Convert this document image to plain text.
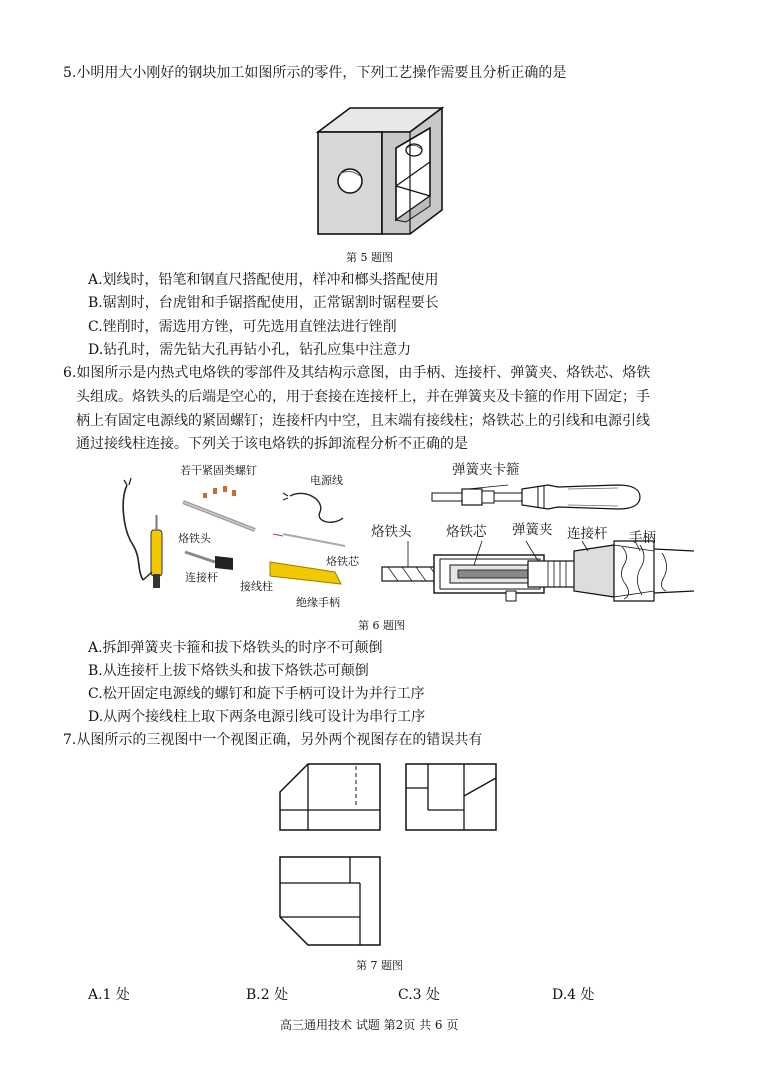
5.小明用大小刚好的钢块加工如图所示的零件，下列工艺操作需要且分析正确的是
第 5 题图
A.划线时，铅笔和钢直尺搭配使用，样冲和榔头搭配使用
B.锯割时，台虎钳和手锯搭配使用，正常锯割时锯程要长
C.锉削时，需选用方锉，可先选用直锉法进行锉削
D.钻孔时，需先钻大孔再钻小孔，钻孔应集中注意力
6.如图所示是内热式电烙铁的零部件及其结构示意图，由手柄、连接杆、弹簧夹、烙铁芯、烙铁
头组成。烙铁头的后端是空心的，用于套接在连接杆上，并在弹簧夹及卡箍的作用下固定；手
柄上有固定电源线的紧固螺钉；连接杆内中空，且末端有接线柱；烙铁芯上的引线和电源引线
通过接线柱连接。下列关于该电烙铁的拆卸流程分析不正确的是
若干紧固类螺钉
电源线
烙铁头
烙铁芯
连接杆
接线柱
绝缘手柄
弹簧夹卡箍
烙铁头	烙铁芯 弹簧夹 连接杆 手柄
第 6 题图
A.拆卸弹簧夹卡箍和拔下烙铁头的时序不可颠倒
B.从连接杆上拔下烙铁头和拔下烙铁芯可颠倒
C.松开固定电源线的螺钉和旋下手柄可设计为并行工序
D.从两个接线柱上取下两条电源引线可设计为串行工序
7.从图所示的三视图中一个视图正确，另外两个视图存在的错误共有
第 7 题图
A.1 处	B.2 处	C.3 处	D.4 处
高三通用技术 试题 第2页 共 6 页
